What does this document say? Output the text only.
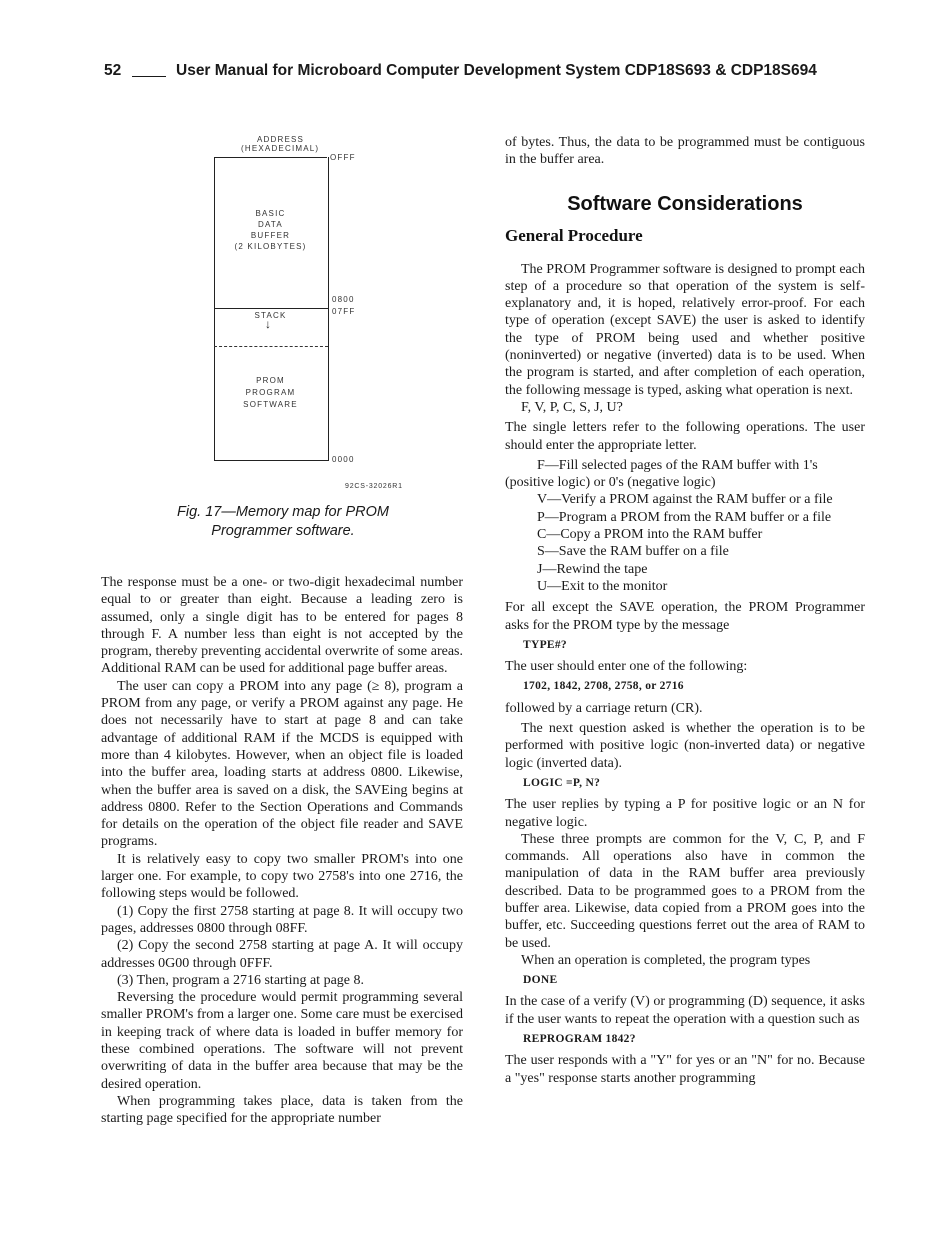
52	User Manual for Microboard Computer Development System CDP18S693 & CDP18S694
ADDRESS
(HEXADECIMAL)
OFFF
BASIC
DATA
BUFFER
(2 KILOBYTES)
0800
07FF
STACK
↓
PROM
PROGRAM
SOFTWARE
0000
92CS-32026R1
Fig. 17—Memory map for PROM
Programmer software.

The response must be a one- or two-digit hexadecimal number equal to or greater than eight. Because a leading zero is assumed, only a single digit has to be entered for pages 8 through F. A number less than eight is not accepted by the program, thereby preventing accidental overwrite of some areas. Additional RAM can be used for additional page buffer areas.

The user can copy a PROM into any page (≥ 8), program a PROM from any page, or verify a PROM against any page. He does not necessarily have to start at page 8 and can take advantage of additional RAM if the MCDS is equipped with more than 4 kilobytes. However, when an object file is loaded into the buffer area, loading starts at address 0800. Likewise, when the buffer area is saved on a disk, the SAVEing begins at address 0800. Refer to the Section Operations and Commands for details on the operation of the object file reader and SAVE programs.

It is relatively easy to copy two smaller PROM's into one larger one. For example, to copy two 2758's into one 2716, the following steps would be followed.

(1) Copy the first 2758 starting at page 8. It will occupy two pages, addresses 0800 through 08FF.

(2) Copy the second 2758 starting at page A. It will occupy addresses 0G00 through 0FFF.

(3) Then, program a 2716 starting at page 8.

Reversing the procedure would permit programming several smaller PROM's from a larger one. Some care must be exercised in keeping track of where data is loaded in buffer memory for these combined operations. The software will not prevent overwriting of data in the buffer area because that may be the desired operation.

When programming takes place, data is taken from the starting page specified for the appropriate number

of bytes. Thus, the data to be programmed must be contiguous in the buffer area.

Software Considerations
General Procedure

The PROM Programmer software is designed to prompt each step of a procedure so that operation of the system is self-explanatory and, it is hoped, relatively error-proof. For each type of operation (except SAVE) the user is asked to identify the type of PROM being used and whether positive (noninverted) or negative (inverted) data is to be used. When the program is started, and after completion of each operation, the following message is typed, asking what operation is next.

F, V, P, C, S, J, U?

The single letters refer to the following operations. The user should enter the appropriate letter.

F—Fill selected pages of the RAM buffer with 1's (positive logic) or 0's (negative logic)

V—Verify a PROM against the RAM buffer or a file

P—Program a PROM from the RAM buffer or a file

C—Copy a PROM into the RAM buffer

S—Save the RAM buffer on a file

J—Rewind the tape

U—Exit to the monitor

For all except the SAVE operation, the PROM Programmer asks for the PROM type by the message

TYPE#?

The user should enter one of the following:

1702, 1842, 2708, 2758, or 2716

followed by a carriage return (CR).

The next question asked is whether the operation is to be performed with positive logic (non-inverted data) or negative logic (inverted data).

LOGIC =P, N?

The user replies by typing a P for positive logic or an N for negative logic.

These three prompts are common for the V, C, P, and F commands. All operations also have in common the manipulation of data in the RAM buffer area previously described. Data to be programmed goes to a PROM from the buffer area. Likewise, data copied from a PROM goes into the buffer, etc. Succeeding questions ferret out the area of RAM to be used.

When an operation is completed, the program types

DONE

In the case of a verify (V) or programming (D) sequence, it asks if the user wants to repeat the operation with a question such as

REPROGRAM 1842?

The user responds with a "Y" for yes or an "N" for no. Because a "yes" response starts another programming
